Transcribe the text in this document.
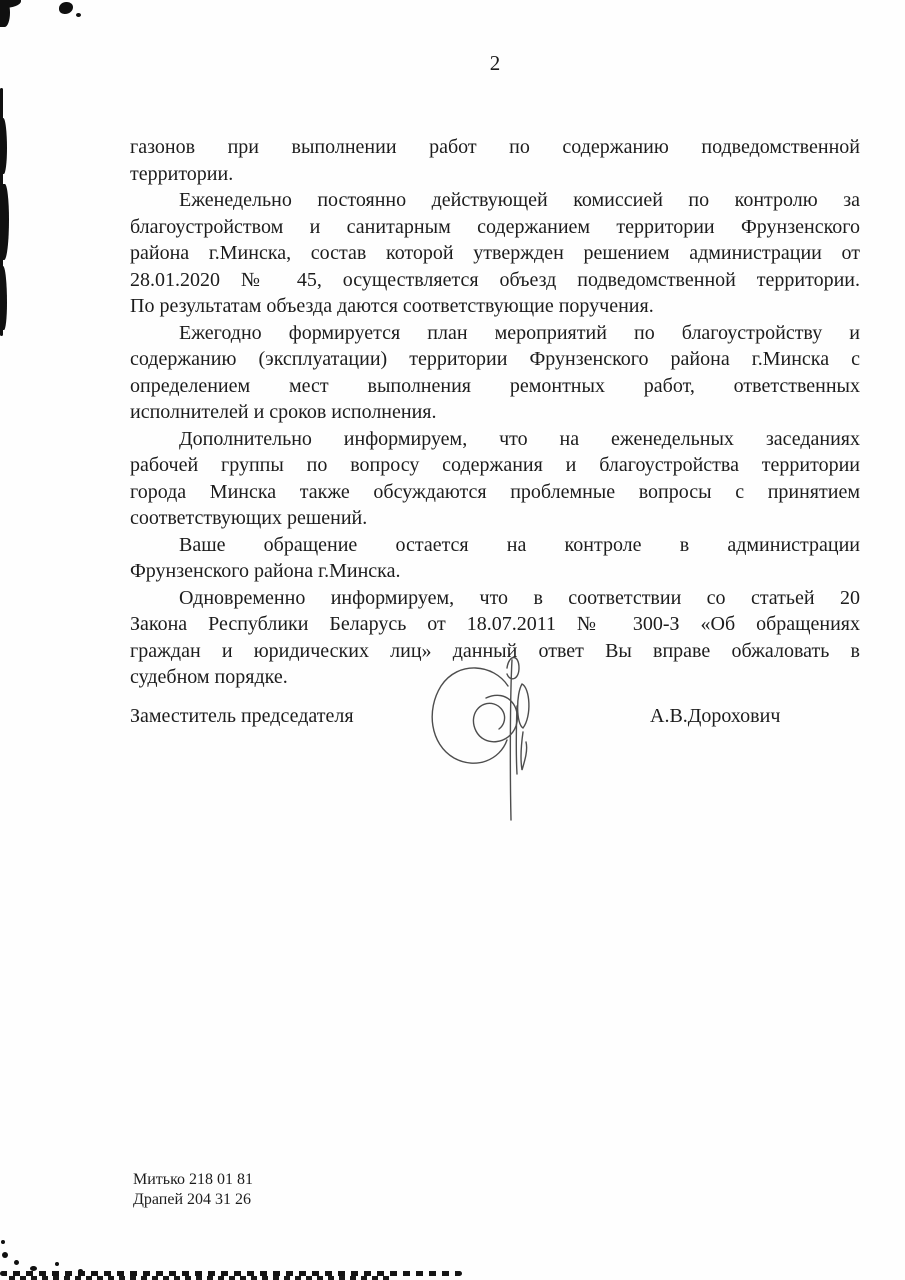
2
газонов при выполнении работ по содержанию подведомственной
территории.
Еженедельно постоянно действующей комиссией по контролю за
благоустройством и санитарным содержанием территории Фрунзенского
района г.Минска, состав которой утвержден решением администрации от
28.01.2020 № 45, осуществляется объезд подведомственной территории.
По результатам объезда даются соответствующие поручения.
Ежегодно формируется план мероприятий по благоустройству и
содержанию (эксплуатации) территории Фрунзенского района г.Минска с
определением мест выполнения ремонтных работ, ответственных
исполнителей и сроков исполнения.
Дополнительно информируем, что на еженедельных заседаниях
рабочей группы по вопросу содержания и благоустройства территории
города Минска также обсуждаются проблемные вопросы с принятием
соответствующих решений.
Ваше обращение остается на контроле в администрации
Фрунзенского района г.Минска.
Одновременно информируем, что в соответствии со статьей 20
Закона Республики Беларусь от 18.07.2011 № 300-З «Об обращениях
граждан и юридических лиц» данный ответ Вы вправе обжаловать в
судебном порядке.
Заместитель председателя	А.В.Дорохович
Митько 218 01 81
Драпей 204 31 26
